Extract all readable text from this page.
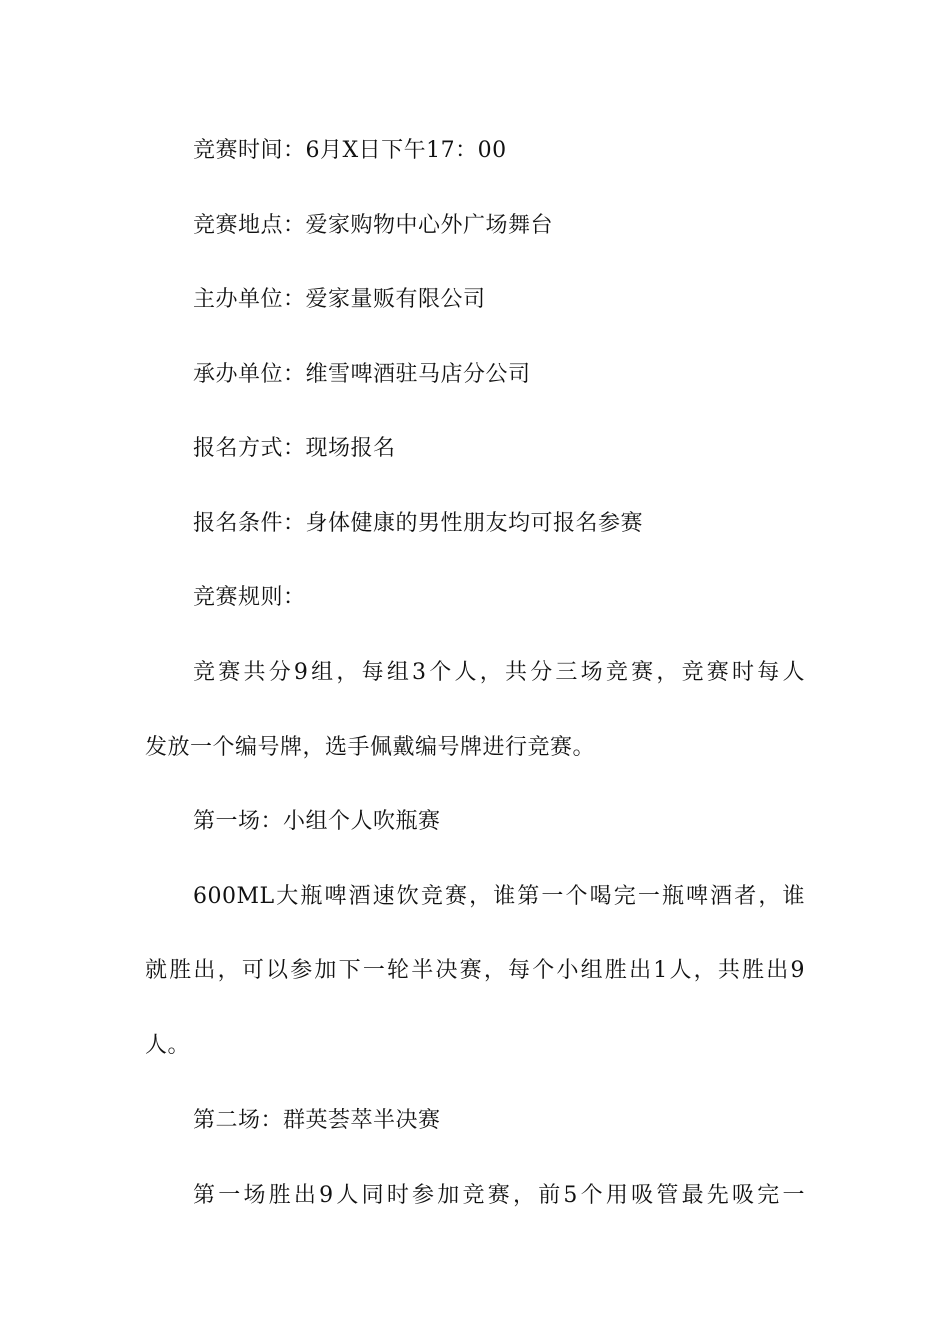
竞赛时间：6月X日下午17：00
竞赛地点：爱家购物中心外广场舞台
主办单位：爱家量贩有限公司
承办单位：维雪啤酒驻马店分公司
报名方式：现场报名
报名条件：身体健康的男性朋友均可报名参赛
竞赛规则：
竞赛共分9组，每组3个人，共分三场竞赛，竞赛时每人
发放一个编号牌，选手佩戴编号牌进行竞赛。
第一场：小组个人吹瓶赛
600ML大瓶啤酒速饮竞赛，谁第一个喝完一瓶啤酒者，谁
就胜出，可以参加下一轮半决赛，每个小组胜出1人，共胜出9
人。
第二场：群英荟萃半决赛
第一场胜出9人同时参加竞赛，前5个用吸管最先吸完一
